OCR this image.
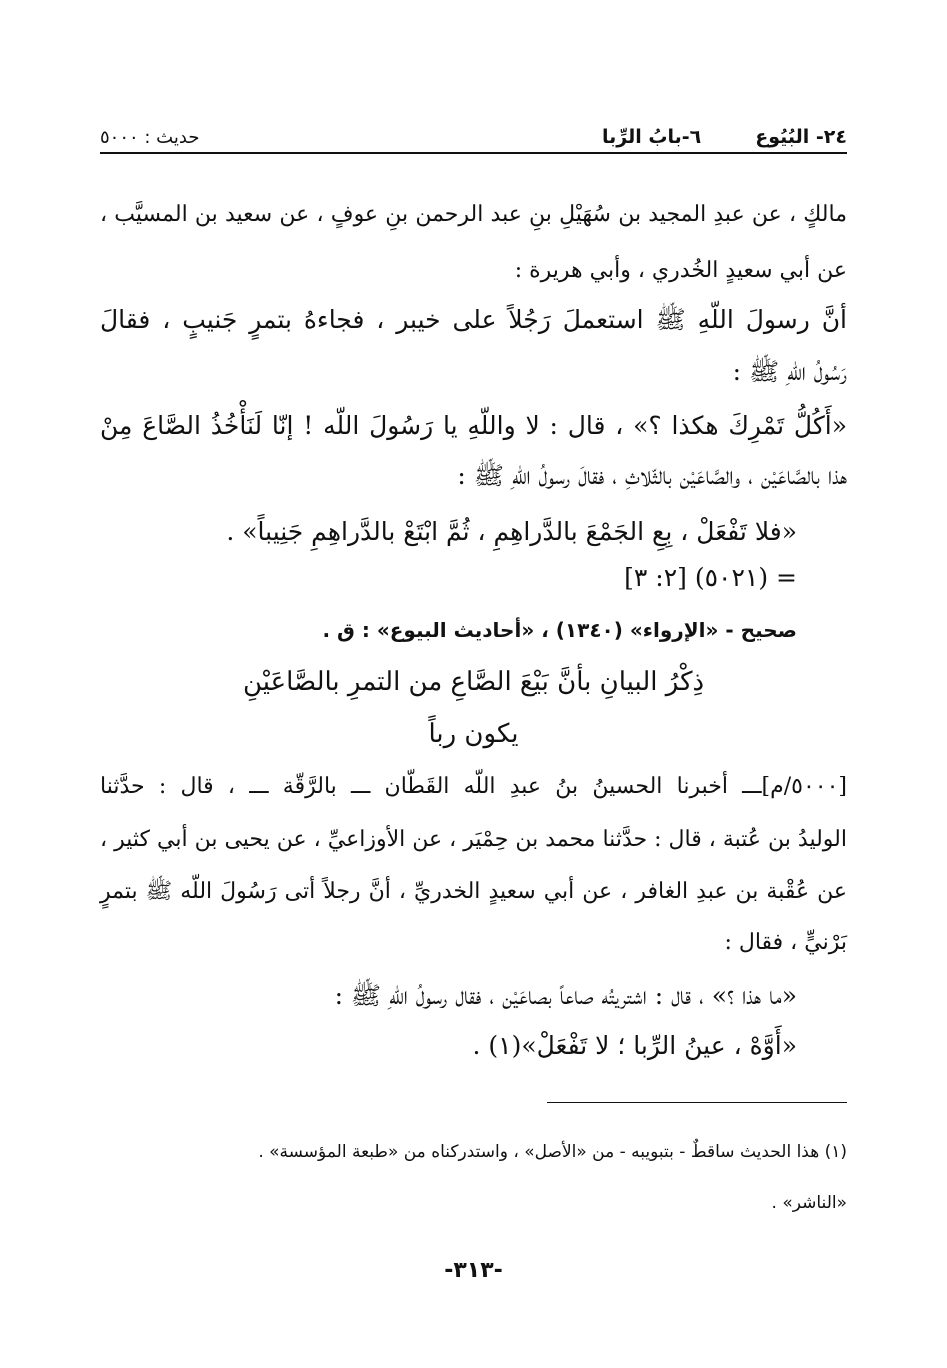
٢٤- البُيُوع
٦-بابُ الرِّبا
حديث : ٥٠٠٠
مالكٍ ، عن عبدِ المجيد بن سُهَيْلِ بنِ عبد الرحمن بنِ عوفٍ ، عن سعيد بن المسيَّب ،
عن أبي سعيدٍ الخُدري ، وأبي هريرة :
أنَّ رسولَ اللّهِ ﷺ استعملَ رَجُلاً على خيبر ، فجاءهُ بتمرٍ جَنيبٍ ، فقالَ
رَسُولُ اللّهِ ﷺ :
«أَكُلُّ تَمْرِكَ هكذا ؟» ، قال : لا واللّهِ يا رَسُولَ اللّه ! إنّا لَنَأْخُذُ الصَّاعَ مِنْ
هذا بالصَّاعَيْن ، والصَّاعَيْن بالثّلاثِ ، فقالَ رسولُ اللّهِ ﷺ :
«فلا تَفْعَلْ ، بِعِ الجَمْعَ بالدَّراهِمِ ، ثُمَّ ابْتَعْ بالدَّراهِمِ جَنِيباً» .
= (٥٠٢١) [٢: ٣]
صحيح - «الإرواء» (١٣٤٠) ، «أحاديث البيوع» : ق .
ذِكْرُ البيانِ بأنَّ بَيْعَ الصَّاعِ من التمرِ بالصَّاعَيْنِ
يكون رباً
[٥٠٠٠/م]ـــ أخبرنا الحسينُ بنُ عبدِ اللّه القَطّان ـــ بالرَّقّة ـــ ، قال : حدَّثنا
الوليدُ بن عُتبة ، قال : حدَّثنا محمد بن حِمْيَر ، عن الأوزاعيِّ ، عن يحيى بن أبي كثير ،
عن عُقْبة بن عبدِ الغافر ، عن أبي سعيدٍ الخدريِّ ، أنَّ رجلاً أتى رَسُولَ اللّه ﷺ بتمرٍ
بَرْنيٍّ ، فقال :
«ما هذا ؟» ، قال : اشتريتُه صاعاً بصاعَيْن ، فقال رسولُ اللّهِ ﷺ :
«أَوَّهْ ، عينُ الرِّبا ؛ لا تَفْعَلْ»(١) .
(١) هذا الحديث ساقطٌ - بتبويبه - من «الأصل» ، واستدركناه من «طبعة المؤسسة» .
«الناشر» .
-٣١٣-
